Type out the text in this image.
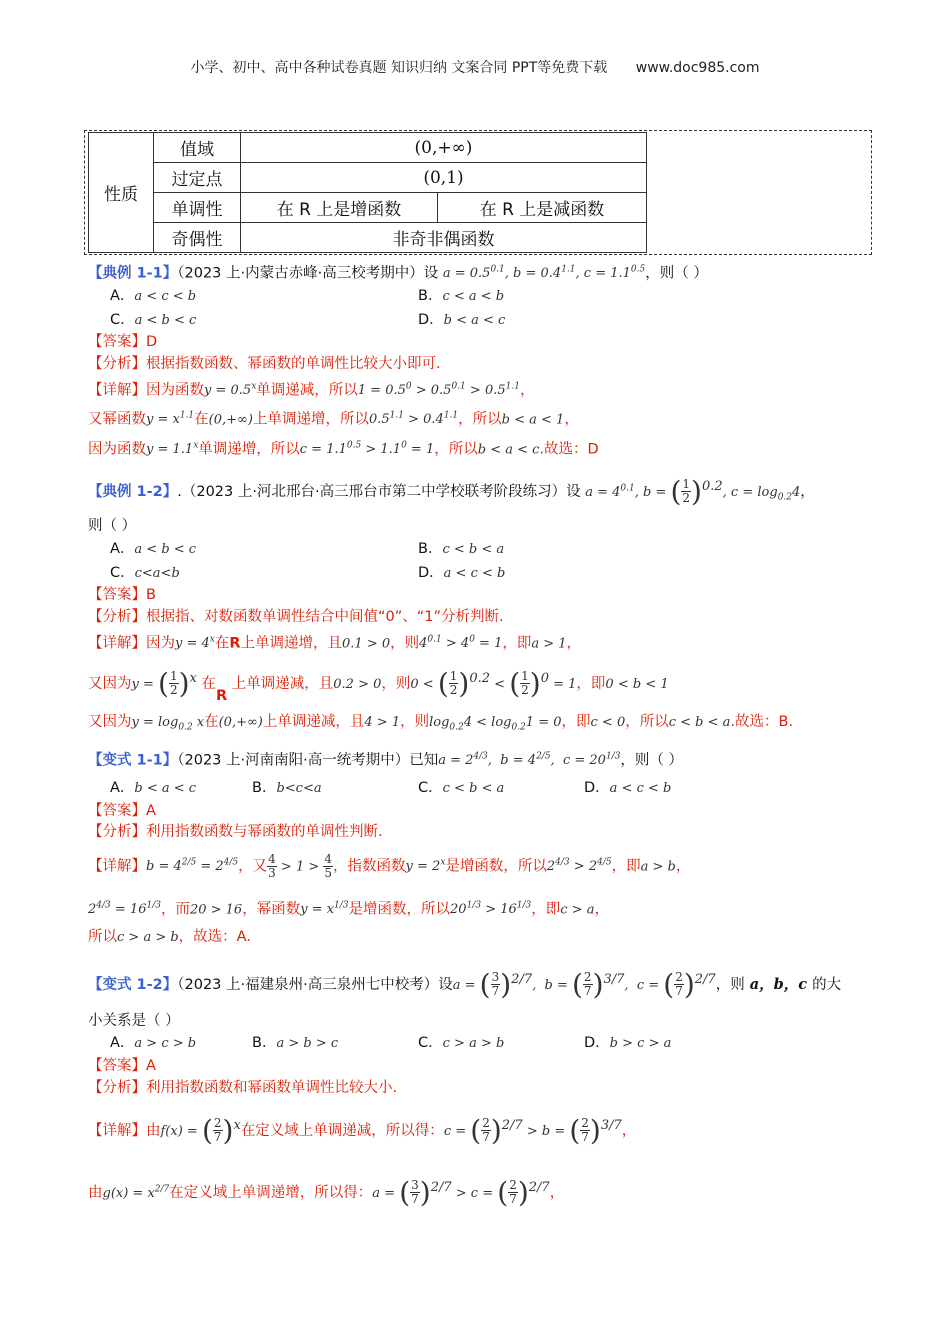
小学、初中、高中各种试卷真题 知识归纳 文案合同 PPT等免费下载 www.doc985.com
性质	值域	(0,+∞)	
	过定点	(0,1)	
	单调性	在 R 上是增函数	在 R 上是减函数
	奇偶性	非奇非偶函数	
【典例 1-1】（2023 上·内蒙古赤峰·高三校考期中）设 $a = 0.5^{0.1}$, $b = 0.4^{1.1}$, $c = 1.1^{0.5}$，则（ ）
A．a < c < b	B．c < a < b
C．a < b < c	D．b < a < c
【答案】D
【分析】根据指数函数、幂函数的单调性比较大小即可.
【详解】因为函数$y = 0.5^x$单调递减，所以$1 = 0.5^0 > 0.5^{0.1} > 0.5^{1.1}$，
又幂函数$y = x^{1.1}$在(0,+∞)上单调递增，所以$0.5^{1.1} > 0.4^{1.1}$，所以b < a < 1，
因为函数$y = 1.1^x$单调递增，所以$c = 1.1^{0.5} > 1.1^0 = 1$，所以b < a < c.故选：D
【典例 1-2】.（2023 上·河北邢台·高三邢台市第二中学校联考阶段练习）设 $a = 4^{0.1}$, b = ( $\frac{1}{2} )^{0.2}$, $c = \log_{0.2}4$，
则（ ）
A．a < b < c	B．c < b < a
C．c<a<b	D．a < c < b
【答案】B
【分析】根据指、对数函数单调性结合中间值“0”、“1”分析判断.
【详解】因为$y = 4^x$在R上单调递增，且0.1 > 0，则$4^{0.1} > 4^0 = 1$，即a > 1，
又因为y = ( $\frac{1}{2} )^x$ 在R 上单调递减，且0.2 > 0，则0 < ( $\frac{1}{2} )^{0.2}$ < ( $\frac{1}{2} )^0 = 1$，即0 < b < 1
又因为$y = \log_{0.2} x$在(0,+∞)上单调递减，且4 > 1，则$\log_{0.2}4 < \log_{0.2}1 = 0$，即c < 0，所以c < b < a.故选：B.
【变式 1-1】（2023 上·河南南阳·高一统考期中）已知$a = 2^{4/3}$,  $b = 4^{2/5}$,  $c = 20^{1/3}$，则（ ）
A．b < a < c	B．b<c<a	C．c < b < a	D．a < c < b
【答案】A
【分析】利用指数函数与幂函数的单调性判断.
【详解】$b = 4^{2/5} = 2^{4/5}$，又 $\frac{4}{3} > 1 > \frac{4}{5}$ ，指数函数$y = 2^x$是增函数，所以$2^{4/3} > 2^{4/5}$，即a > b，
$2^{4/3} = 16^{1/3}$，而20 > 16，幂函数$y = x^{1/3}$是增函数，所以$20^{1/3} > 16^{1/3}$，即c > a，
所以c > a > b，故选：A.
【变式 1-2】（2023 上·福建泉州·高三泉州七中校考）设a = ( $\frac{3}{7} )^{2/7}$,  b = ( $\frac{2}{7} )^{3/7}$,  c = ( $\frac{2}{7} )^{2/7}$，则 a，b，c 的大
小关系是（ ）
A．a > c > b	B．a > b > c	C．c > a > b	D．b > c > a
【答案】A
【分析】利用指数函数和幂函数单调性比较大小.
【详解】由f(x) = ( $\frac{2}{7} )^x$在定义域上单调递减，所以得：c = ( $\frac{2}{7} )^{2/7} > b$ = ( $\frac{2}{7} )^{3/7}$，
由$g(x) = x^{2/7}$在定义域上单调递增，所以得：a = ( $\frac{3}{7} )^{2/7} > c$ = ( $\frac{2}{7} )^{2/7}$，
